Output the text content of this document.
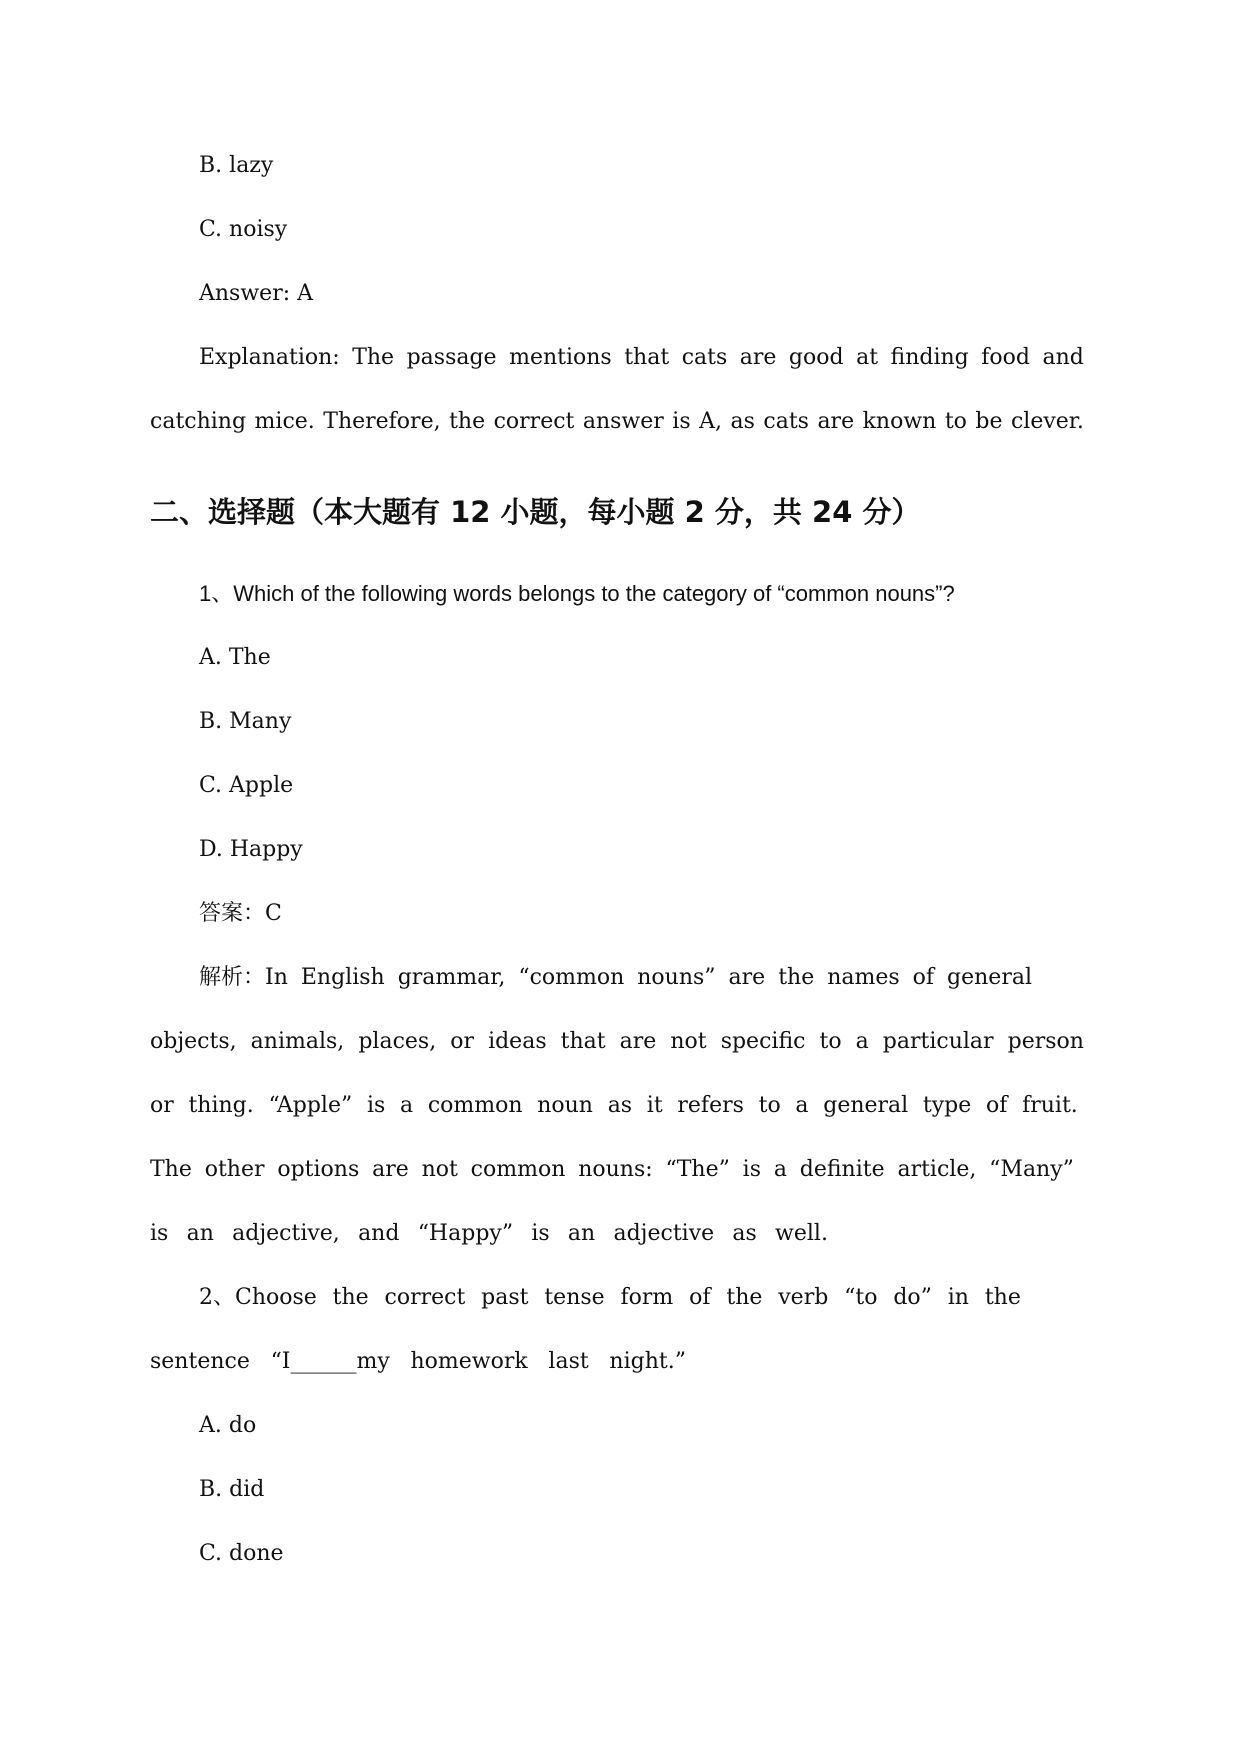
B. lazy

C. noisy

Answer: A

Explanation: The passage mentions that cats are good at finding food and

catching mice. Therefore, the correct answer is A, as cats are known to be clever.

二、选择题（本大题有 12 小题，每小题 2 分，共 24 分）

1、Which of the following words belongs to the category of “common nouns”?

A. The

B. Many

C. Apple

D. Happy

答案：C

解析：In English grammar, “common nouns” are the names of general

objects, animals, places, or ideas that are not specific to a particular person

or thing. “Apple” is a common noun as it refers to a general type of fruit.

The other options are not common nouns: “The” is a definite article, “Many”

is an adjective, and “Happy” is an adjective as well.

2、Choose the correct past tense form of the verb “to do” in the

sentence “I______my homework last night.”

A. do

B. did

C. done
